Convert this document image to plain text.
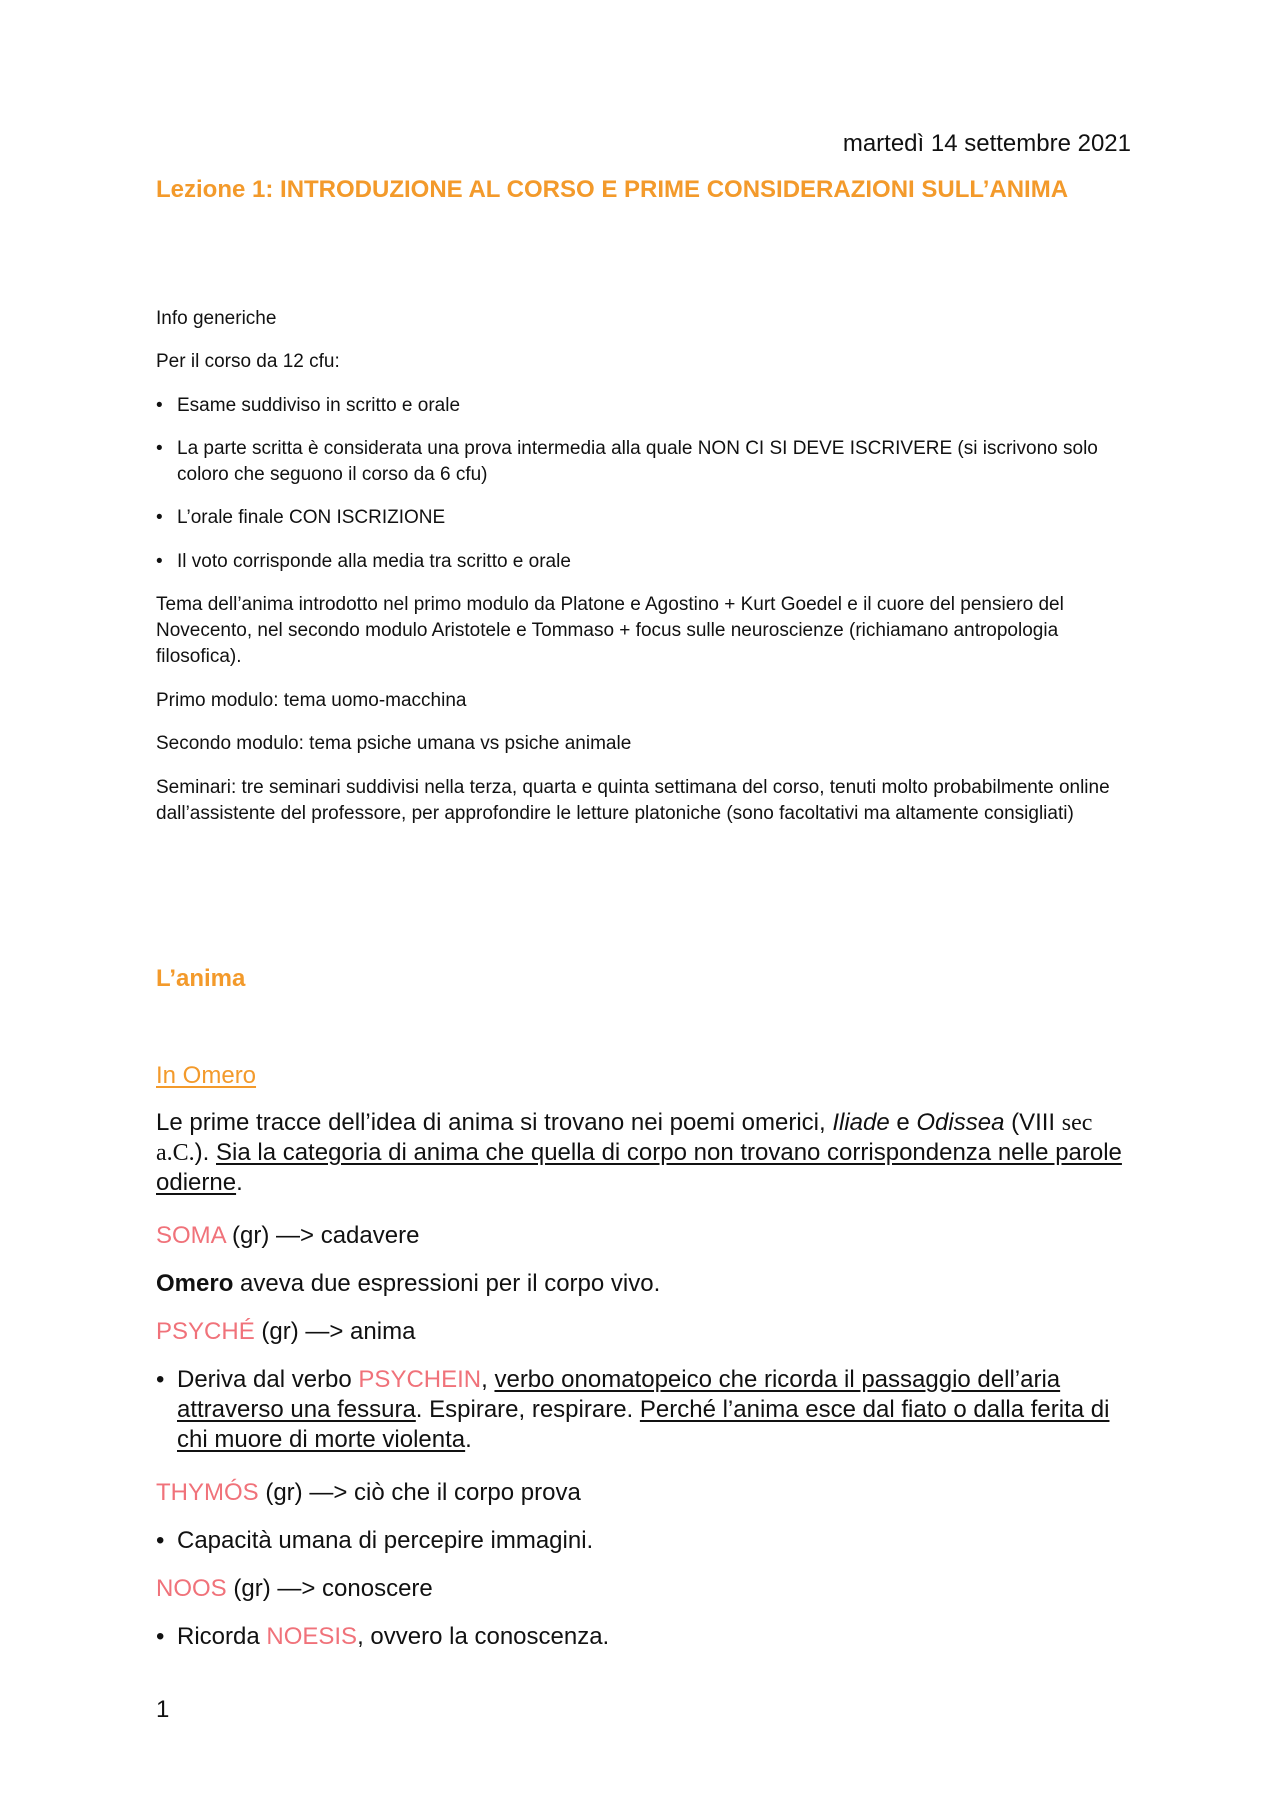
martedì 14 settembre 2021
Lezione 1: INTRODUZIONE AL CORSO E PRIME CONSIDERAZIONI SULL’ANIMA

Info generiche

Per il corso da 12 cfu:

• Esame suddiviso in scritto e orale
• La parte scritta è considerata una prova intermedia alla quale NON CI SI DEVE ISCRIVERE (si iscrivono solo coloro che seguono il corso da 6 cfu)
• L’orale finale CON ISCRIZIONE
• Il voto corrisponde alla media tra scritto e orale

Tema dell’anima introdotto nel primo modulo da Platone e Agostino + Kurt Goedel e il cuore del pensiero del Novecento, nel secondo modulo Aristotele e Tommaso + focus sulle neuroscienze (richiamano antropologia filosofica).

Primo modulo: tema uomo-macchina

Secondo modulo: tema psiche umana vs psiche animale

Seminari: tre seminari suddivisi nella terza, quarta e quinta settimana del corso, tenuti molto probabilmente online dall’assistente del professore, per approfondire le letture platoniche (sono facoltativi ma altamente consigliati)

L’anima
In Omero
Le prime tracce dell’idea di anima si trovano nei poemi omerici, Iliade e Odissea (VIII sec a.C.). Sia la categoria di anima che quella di corpo non trovano corrispondenza nelle parole odierne.
SOMA (gr) —> cadavere
Omero aveva due espressioni per il corpo vivo.
PSYCHÉ (gr) —> anima
• Deriva dal verbo PSYCHEIN, verbo onomatopeico che ricorda il passaggio dell’aria attraverso una fessura. Espirare, respirare. Perché l’anima esce dal fiato o dalla ferita di chi muore di morte violenta.
THYMÓS (gr) —> ciò che il corpo prova
• Capacità umana di percepire immagini.
NOOS (gr) —> conoscere
• Ricorda NOESIS, ovvero la conoscenza.
1
